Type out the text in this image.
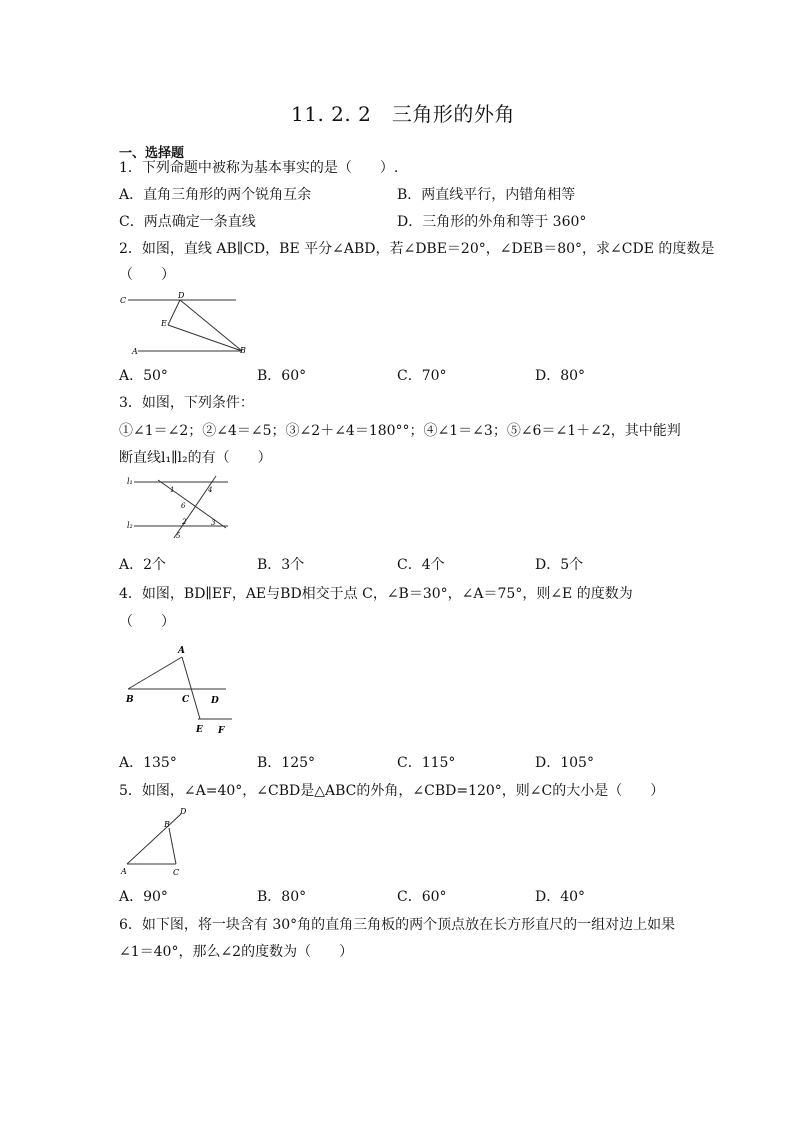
11. 2. 2　三角形的外角
一、选择题
1．下列命题中被称为基本事实的是（　　）.
A．直角三角形的两个锐角互余	B．两直线平行，内错角相等
C．两点确定一条直线	D．三角形的外角和等于 360°
2．如图，直线 AB∥CD，BE 平分∠ABD，若∠DBE＝20°，∠DEB＝80°，求∠CDE 的度数是
（　　）
C
D
E
A	B
A．50°	B．60°	C．70°	D．80°
3．如图，下列条件：
①∠1＝∠2；②∠4＝∠5；③∠2＋∠4＝180°°；④∠1＝∠3；⑤∠6＝∠1＋∠2，其中能判
断直线l₁∥l₂的有（　　）
l₁
l₂
1
2	3
4
5
6
A．2个	B．3个	C．4个	D．5个
4．如图，BD∥EF，AE与BD相交于点 C，∠B＝30°，∠A＝75°，则∠E 的度数为
（　　）
A
B	C D
E F
A．135°	B．125°	C．115°	D．105°
5．如图，∠A=40°，∠CBD是△ABC的外角，∠CBD=120°，则∠C的大小是（　　）
A
B
C
D
A．90°	B．80°	C．60°	D．40°
6．如下图，将一块含有 30°角的直角三角板的两个顶点放在长方形直尺的一组对边上如果
∠1＝40°，那么∠2的度数为（　　）
